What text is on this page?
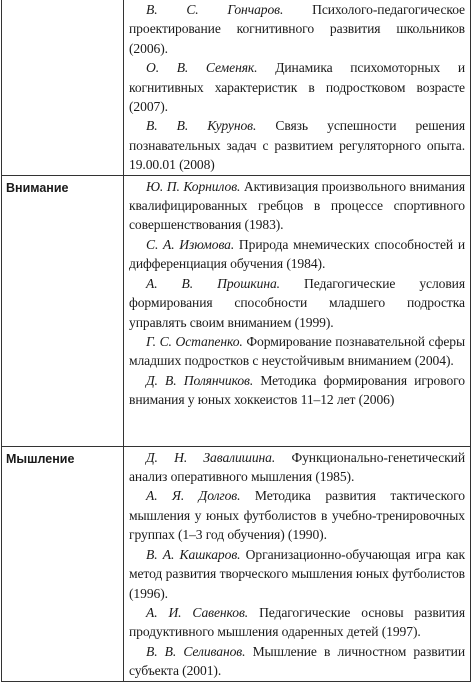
	В. С. Гончаров. Психолого-педагогическое проектирование когнитивного развития школьников (2006).

О. В. Семеняк. Динамика психомоторных и когнитивных характеристик в подростковом возрасте (2007).

В. В. Курунов. Связь успешности решения познавательных задач с развитием регуляторного опыта. 19.00.01 (2008)

Внимание	Ю. П. Корнилов. Активизация произвольного внимания квалифицированных гребцов в процессе спортивного совершенствования (1983).

С. А. Изюмова. Природа мнемических способностей и дифференциация обучения (1984).

А. В. Прошкина. Педагогические условия формирования способности младшего подростка управлять своим вниманием (1999).

Г. С. Остапенко. Формирование познавательной сферы младших подростков с неустойчивым вниманием (2004).

Д. В. Полянчиков. Методика формирования игрового внимания у юных хоккеистов 11–12 лет (2006)

Мышление	Д. Н. Завалишина. Функционально-генетический анализ оперативного мышления (1985).

А. Я. Долгов. Методика развития тактического мышления у юных футболистов в учебно-тренировочных группах (1–3 год обучения) (1990).

В. А. Кашкаров. Организационно-обучающая игра как метод развития творческого мышления юных футболистов (1996).

А. И. Савенков. Педагогические основы развития продуктивного мышления одаренных детей (1997).

В. В. Селиванов. Мышление в личностном развитии субъекта (2001).
